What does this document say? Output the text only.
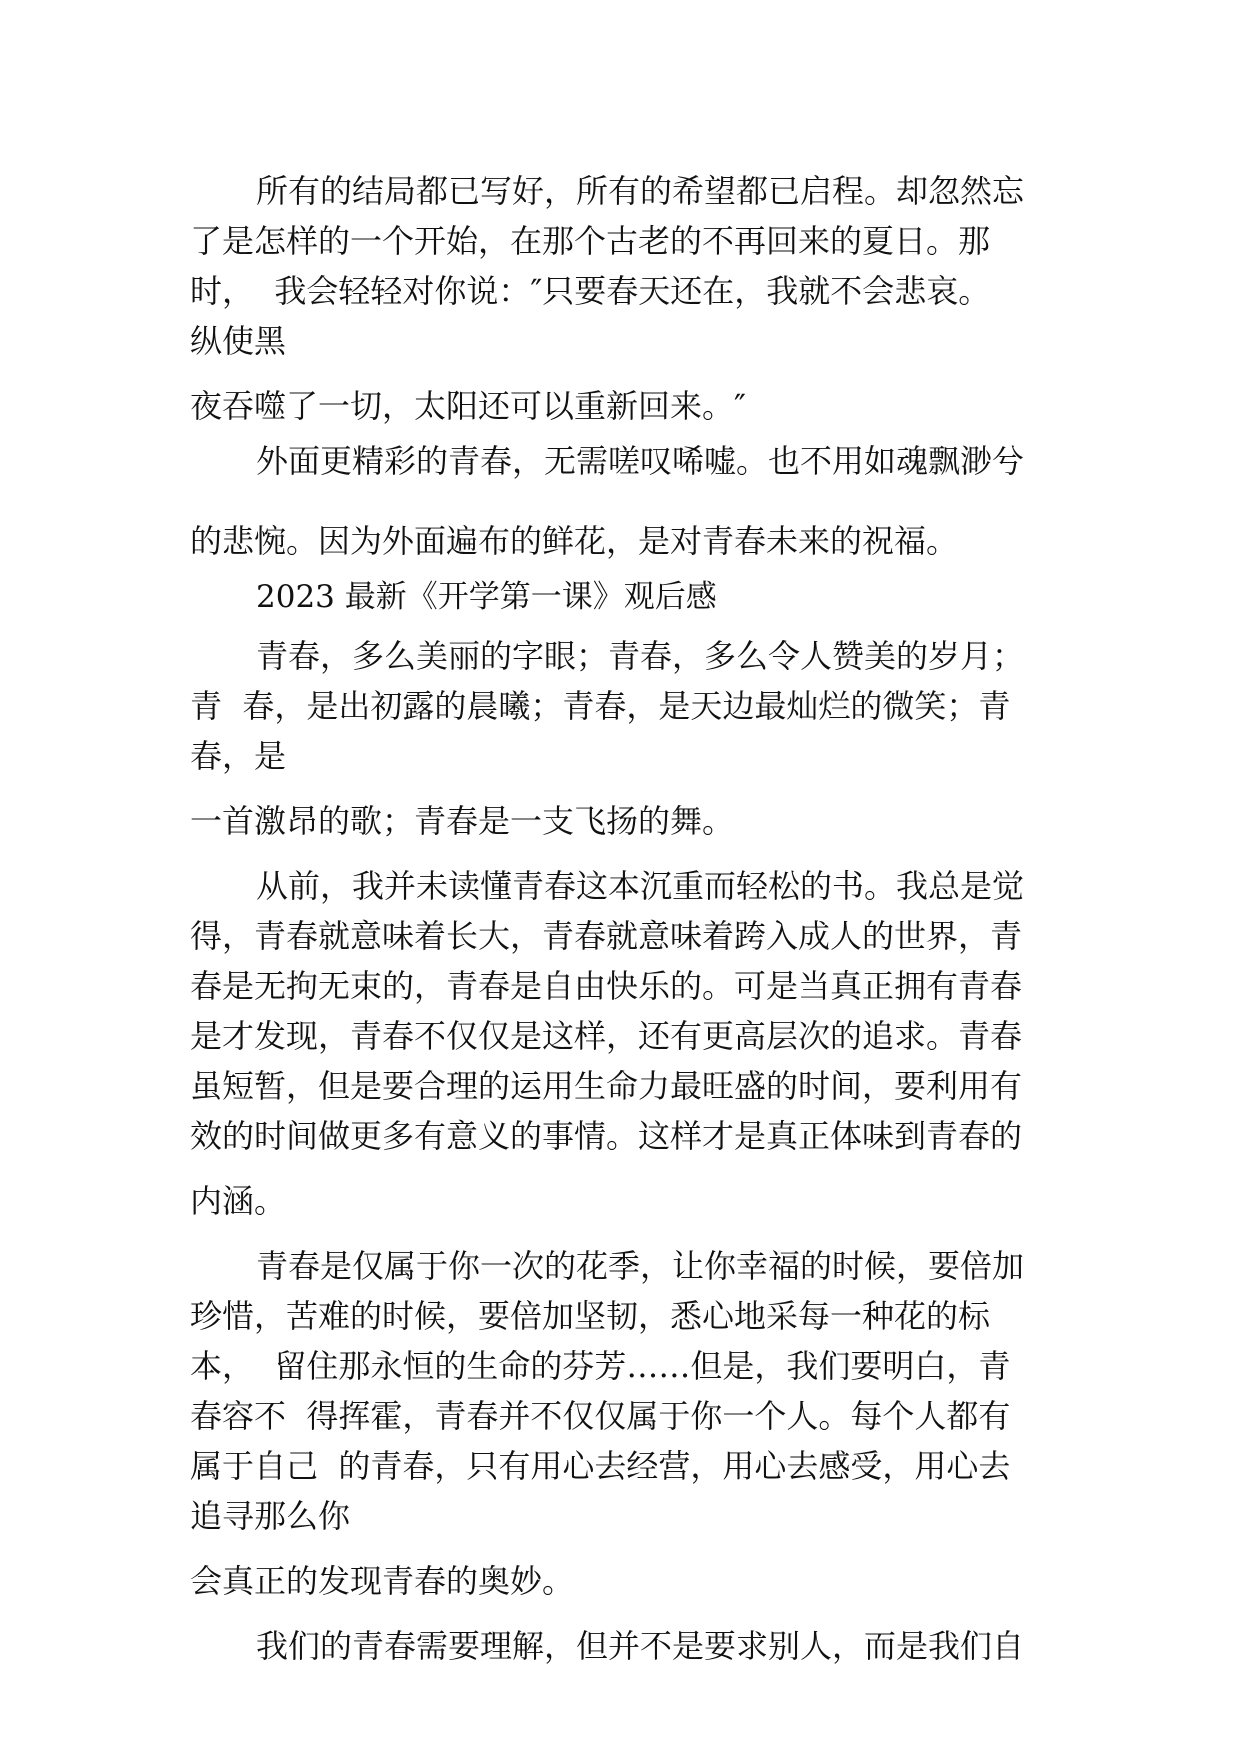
所有的结局都已写好，所有的希望都已启程。却忽然忘

了是怎样的一个开始，在那个古老的不再回来的夏日。那

时，  我会轻轻对你说：″只要春天还在，我就不会悲哀。

纵使黑

夜吞噬了一切，太阳还可以重新回来。″

外面更精彩的青春，无需嗟叹唏嘘。也不用如魂飘渺兮

的悲惋。因为外面遍布的鲜花，是对青春未来的祝福。

2023 最新《开学第一课》观后感

青春，多么美丽的字眼；青春，多么令人赞美的岁月；

青  春，是出初露的晨曦；青春，是天边最灿烂的微笑；青

春，是

一首激昂的歌；青春是一支飞扬的舞。

从前，我并未读懂青春这本沉重而轻松的书。我总是觉

得，青春就意味着长大，青春就意味着跨入成人的世界，青

春是无拘无束的，青春是自由快乐的。可是当真正拥有青春

是才发现，青春不仅仅是这样，还有更高层次的追求。青春

虽短暂，但是要合理的运用生命力最旺盛的时间，要利用有

效的时间做更多有意义的事情。这样才是真正体味到青春的

内涵。

青春是仅属于你一次的花季，让你幸福的时候，要倍加

珍惜，苦难的时候，要倍加坚韧，悉心地采每一种花的标

本，  留住那永恒的生命的芬芳……但是，我们要明白，青

春容不  得挥霍，青春并不仅仅属于你一个人。每个人都有

属于自己  的青春，只有用心去经营，用心去感受，用心去

追寻那么你

会真正的发现青春的奥妙。

我们的青春需要理解，但并不是要求别人，而是我们自
